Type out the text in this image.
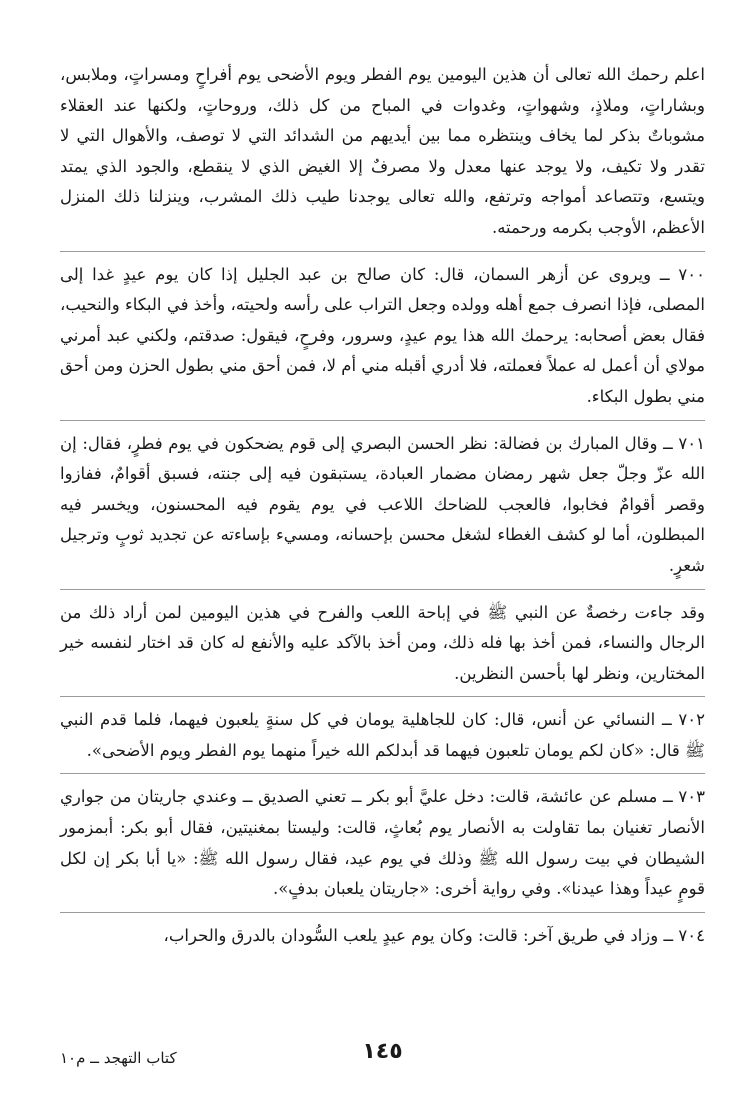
اعلم رحمك الله تعالى أن هذين اليومين يوم الفطر ويوم الأضحى يوم أفراحٍ ومسراتٍ، وملابس، وبشاراتٍ، وملاذٍ، وشهواتٍ، وغدوات في المباح من كل ذلك، وروحاتٍ، ولكنها عند العقلاء مشوباتٌ بذكر لما يخاف وينتظره مما بين أيديهم من الشدائد التي لا توصف، والأهوال التي لا تقدر ولا تكيف، ولا يوجد عنها معدل ولا مصرفٌ إلا الغيض الذي لا ينقطع، والجود الذي يمتد ويتسع، وتتصاعد أمواجه وترتفع، والله تعالى يوجدنا طيب ذلك المشرب، وينزلنا ذلك المنزل الأعظم، الأوجب بكرمه ورحمته.

٧٠٠ ــ ويروى عن أزهر السمان، قال: كان صالح بن عبد الجليل إذا كان يوم عيدٍ غدا إلى المصلى، فإذا انصرف جمع أهله وولده وجعل التراب على رأسه ولحيته، وأخذ في البكاء والنحيب، فقال بعض أصحابه: يرحمك الله هذا يوم عيدٍ، وسرور، وفرحٍ، فيقول: صدقتم، ولكني عبد أمرني مولاي أن أعمل له عملاً فعملته، فلا أدري أقبله مني أم لا، فمن أحق مني بطول الحزن ومن أحق مني بطول البكاء.

٧٠١ ــ وقال المبارك بن فضالة: نظر الحسن البصري إلى قوم يضحكون في يوم فطرٍ، فقال: إن الله عزّ وجلّ جعل شهر رمضان مضمار العبادة، يستبقون فيه إلى جنته، فسبق أقوامٌ، ففازوا وقصر أقوامٌ فخابوا، فالعجب للضاحك اللاعب في يوم يقوم فيه المحسنون، ويخسر فيه المبطلون، أما لو كشف الغطاء لشغل محسن بإحسانه، ومسيء بإساءته عن تجديد ثوبٍ وترجيل شعرٍ.

وقد جاءت رخصةٌ عن النبي ﷺ في إباحة اللعب والفرح في هذين اليومين لمن أراد ذلك من الرجال والنساء، فمن أخذ بها فله ذلك، ومن أخذ بالآكد عليه والأنفع له كان قد اختار لنفسه خير المختارين، ونظر لها بأحسن النظرين.

٧٠٢ ــ النسائي عن أنس، قال: كان للجاهلية يومان في كل سنةٍ يلعبون فيهما، فلما قدم النبي ﷺ قال: «كان لكم يومان تلعبون فيهما قد أبدلكم الله خيراً منهما يوم الفطر ويوم الأضحى».

٧٠٣ ــ مسلم عن عائشة، قالت: دخل عليَّ أبو بكر ــ تعني الصديق ــ وعندي جاريتان من جواري الأنصار تغنيان بما تقاولت به الأنصار يوم بُعاثٍ، قالت: وليستا بمغنيتين، فقال أبو بكر: أبمزمور الشيطان في بيت رسول الله ﷺ وذلك في يوم عيد، فقال رسول الله ﷺ: «يا أبا بكر إن لكل قومٍ عيداً وهذا عيدنا». وفي رواية أخرى: «جاريتان يلعبان بدفٍ».

٧٠٤ ــ وزاد في طريق آخر: قالت: وكان يوم عيدٍ يلعب السُّودان بالدرق والحراب،

١٤٥
كتاب التهجد ــ م١٠
